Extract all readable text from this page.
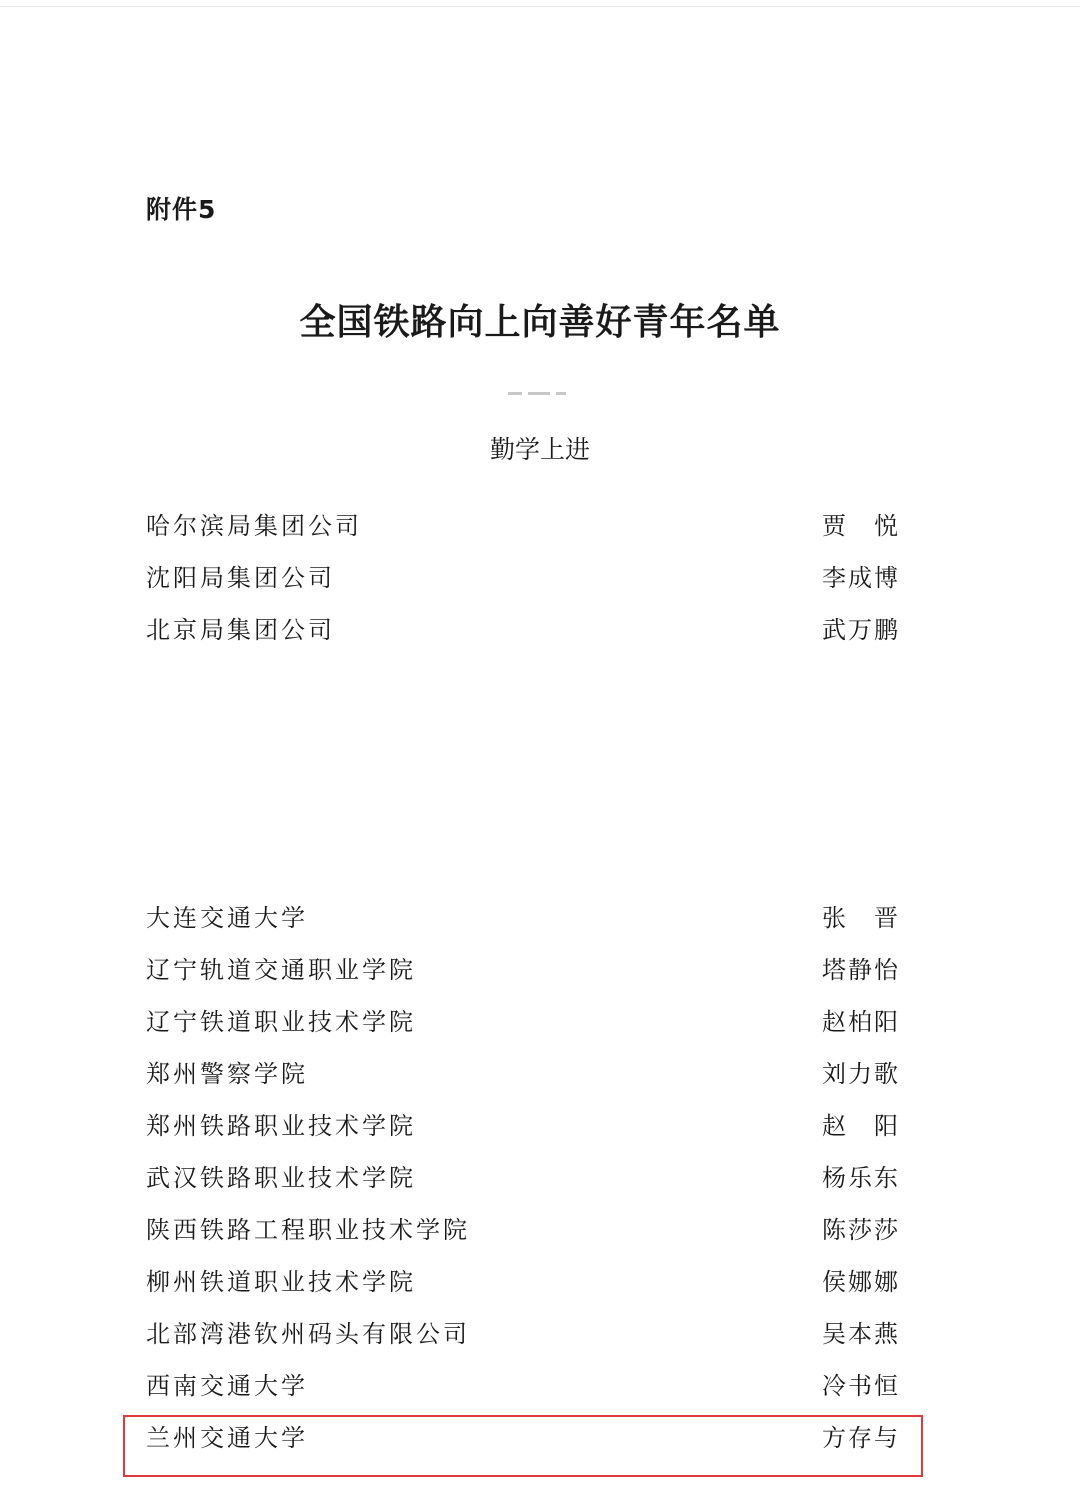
附件5
全国铁路向上向善好青年名单
勤学上进
哈尔滨局集团公司	贾　悦
沈阳局集团公司	李成博
北京局集团公司	武万鹏
大连交通大学	张　晋
辽宁轨道交通职业学院	塔静怡
辽宁铁道职业技术学院	赵柏阳
郑州警察学院	刘力歌
郑州铁路职业技术学院	赵　阳
武汉铁路职业技术学院	杨乐东
陕西铁路工程职业技术学院	陈莎莎
柳州铁道职业技术学院	侯娜娜
北部湾港钦州码头有限公司	吴本燕
西南交通大学	冷书恒
兰州交通大学	方存与
